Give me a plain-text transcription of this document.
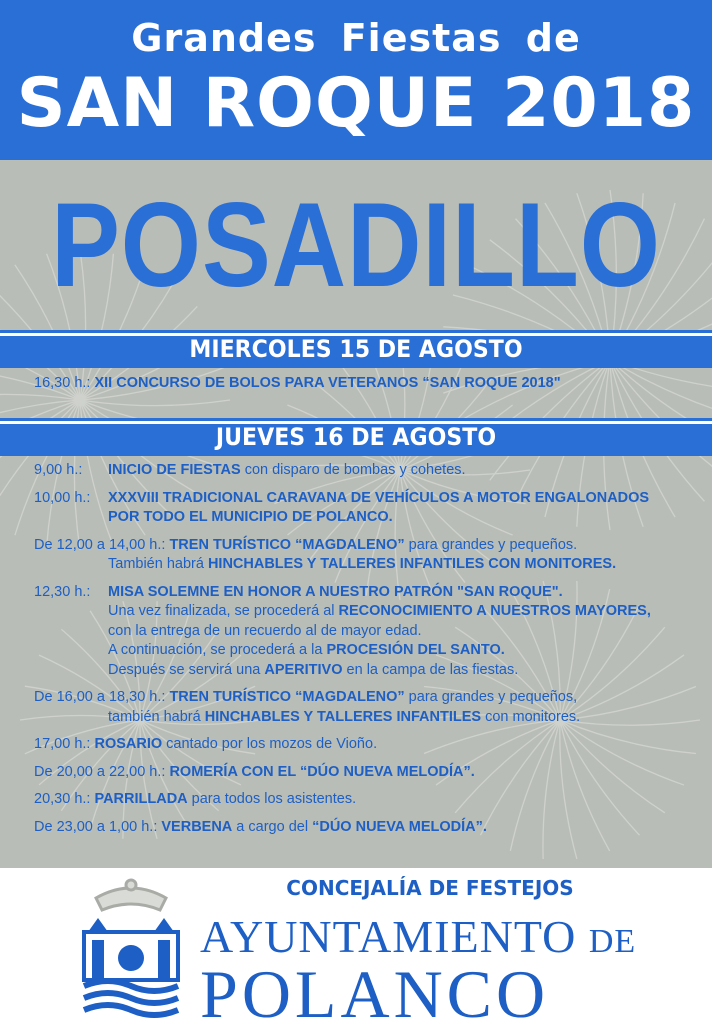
Grandes Fiestas de
SAN ROQUE 2018
POSADILLO
MIERCOLES 15 DE AGOSTO
16,30 h.: XII CONCURSO DE BOLOS PARA VETERANOS “SAN ROQUE 2018"
JUEVES 16 DE AGOSTO
9,00 h.: INICIO DE FIESTAS con disparo de bombas y cohetes.
10,00 h.: XXXVIII TRADICIONAL CARAVANA DE VEHÍCULOS A MOTOR ENGALONADOS
POR TODO EL MUNICIPIO DE POLANCO.
De 12,00 a 14,00 h.: TREN TURÍSTICO “MAGDALENO” para grandes y pequeños.
También habrá HINCHABLES Y TALLERES INFANTILES CON MONITORES.
12,30 h.: MISA SOLEMNE EN HONOR A NUESTRO PATRÓN "SAN ROQUE".
Una vez finalizada, se procederá al RECONOCIMIENTO A NUESTROS MAYORES,
con la entrega de un recuerdo al de mayor edad.
A continuación, se procederá a la PROCESIÓN DEL SANTO.
Después se servirá una APERITIVO en la campa de las fiestas.
De 16,00 a 18,30 h.: TREN TURÍSTICO “MAGDALENO” para grandes y pequeños,
también habrá HINCHABLES Y TALLERES INFANTILES con monitores.
17,00 h.: ROSARIO cantado por los mozos de Vioño.
De 20,00 a 22,00 h.: ROMERÍA CON EL “DÚO NUEVA MELODÍA”.
20,30 h.: PARRILLADA para todos los asistentes.
De 23,00 a 1,00 h.: VERBENA a cargo del “DÚO NUEVA MELODÍA”.
CONCEJALÍA DE FESTEJOS
AYUNTAMIENTO DE
POLANCO
